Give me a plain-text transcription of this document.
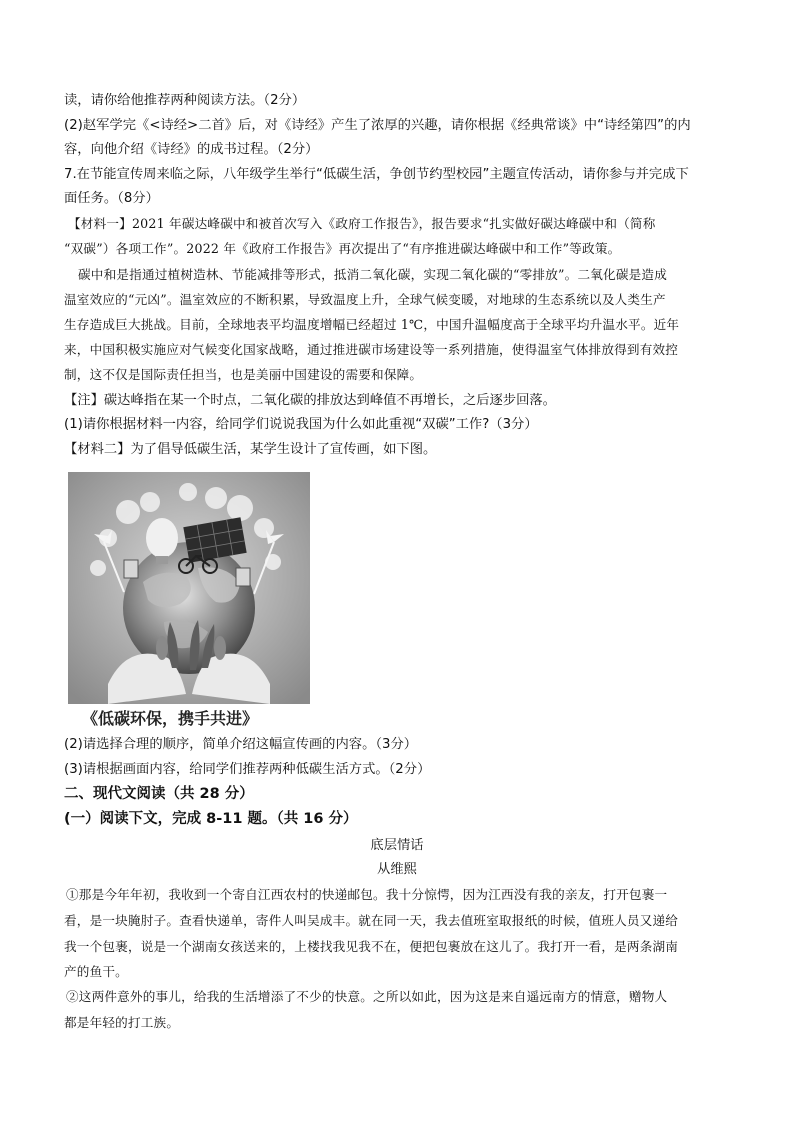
读，请你给他推荐两种阅读方法。（2分）
(2)赵军学完《<诗经>二首》后，对《诗经》产生了浓厚的兴趣，请你根据《经典常谈》中“诗经第四”的内
容，向他介绍《诗经》的成书过程。（2分）
7.在节能宣传周来临之际，八年级学生举行“低碳生活，争创节约型校园”主题宣传活动，请你参与并完成下
面任务。（8分）
【材料一】2021 年碳达峰碳中和被首次写入《政府工作报告》，报告要求“扎实做好碳达峰碳中和（简称
“双碳”）各项工作”。2022 年《政府工作报告》再次提出了“有序推进碳达峰碳中和工作”等政策。
碳中和是指通过植树造林、节能减排等形式，抵消二氧化碳，实现二氧化碳的“零排放”。二氧化碳是造成
温室效应的“元凶”。温室效应的不断积累，导致温度上升，全球气候变暖，对地球的生态系统以及人类生产
生存造成巨大挑战。目前，全球地表平均温度增幅已经超过 1℃，中国升温幅度高于全球平均升温水平。近年
来，中国积极实施应对气候变化国家战略，通过推进碳市场建设等一系列措施，使得温室气体排放得到有效控
制，这不仅是国际责任担当，也是美丽中国建设的需要和保障。
【注】碳达峰指在某一个时点，二氧化碳的排放达到峰值不再增长，之后逐步回落。
(1)请你根据材料一内容，给同学们说说我国为什么如此重视“双碳”工作?（3分）
【材料二】为了倡导低碳生活，某学生设计了宣传画，如下图。
《低碳环保，携手共进》
(2)请选择合理的顺序，简单介绍这幅宣传画的内容。（3分）
(3)请根据画面内容，给同学们推荐两种低碳生活方式。（2分）
二、现代文阅读（共 28 分）
(一）阅读下文，完成 8-11 题。（共 16 分）
底层情话
从维熙
①那是今年年初，我收到一个寄自江西农村的快递邮包。我十分惊愕，因为江西没有我的亲友，打开包裹一
看，是一块腌肘子。查看快递单，寄件人叫吴成丰。就在同一天，我去值班室取报纸的时候，值班人员又递给
我一个包裹，说是一个湖南女孩送来的，上楼找我见我不在，便把包裹放在这儿了。我打开一看，是两条湖南
产的鱼干。
②这两件意外的事儿，给我的生活增添了不少的快意。之所以如此，因为这是来自遥远南方的情意，赠物人
都是年轻的打工族。
